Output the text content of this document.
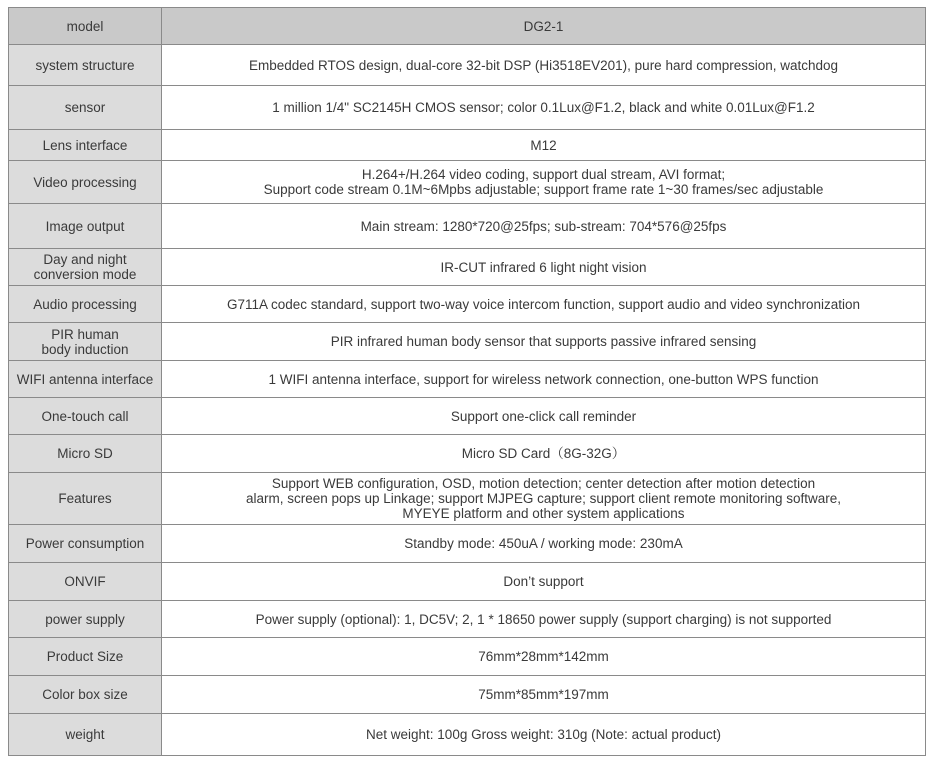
model	DG2-1

system structure	Embedded RTOS design, dual-core 32-bit DSP (Hi3518EV201), pure hard compression, watchdog

sensor	1 million 1/4" SC2145H CMOS sensor; color 0.1Lux@F1.2, black and white 0.01Lux@F1.2

Lens interface	M12

Video processing	H.264+/H.264 video coding, support dual stream, AVI format;
Support code stream 0.1M~6Mpbs adjustable; support frame rate 1~30 frames/sec adjustable

Image output	Main stream: 1280*720@25fps; sub-stream: 704*576@25fps

Day and night
conversion mode	IR-CUT infrared 6 light night vision

Audio processing	G711A codec standard, support two-way voice intercom function, support audio and video synchronization

PIR human
body induction	PIR infrared human body sensor that supports passive infrared sensing

WIFI antenna interface	1 WIFI antenna interface, support for wireless network connection, one-button WPS function

One-touch call	Support one-click call reminder

Micro SD	Micro SD Card（8G-32G）

Features	Support WEB configuration, OSD, motion detection; center detection after motion detection
alarm, screen pops up Linkage; support MJPEG capture; support client remote monitoring software,
MYEYE platform and other system applications

Power consumption	Standby mode: 450uA / working mode: 230mA

ONVIF	Don’t support

power supply	Power supply (optional): 1, DC5V; 2, 1 * 18650 power supply (support charging) is not supported

Product Size	76mm*28mm*142mm

Color box size	75mm*85mm*197mm

weight	Net weight: 100g Gross weight: 310g (Note: actual product)
